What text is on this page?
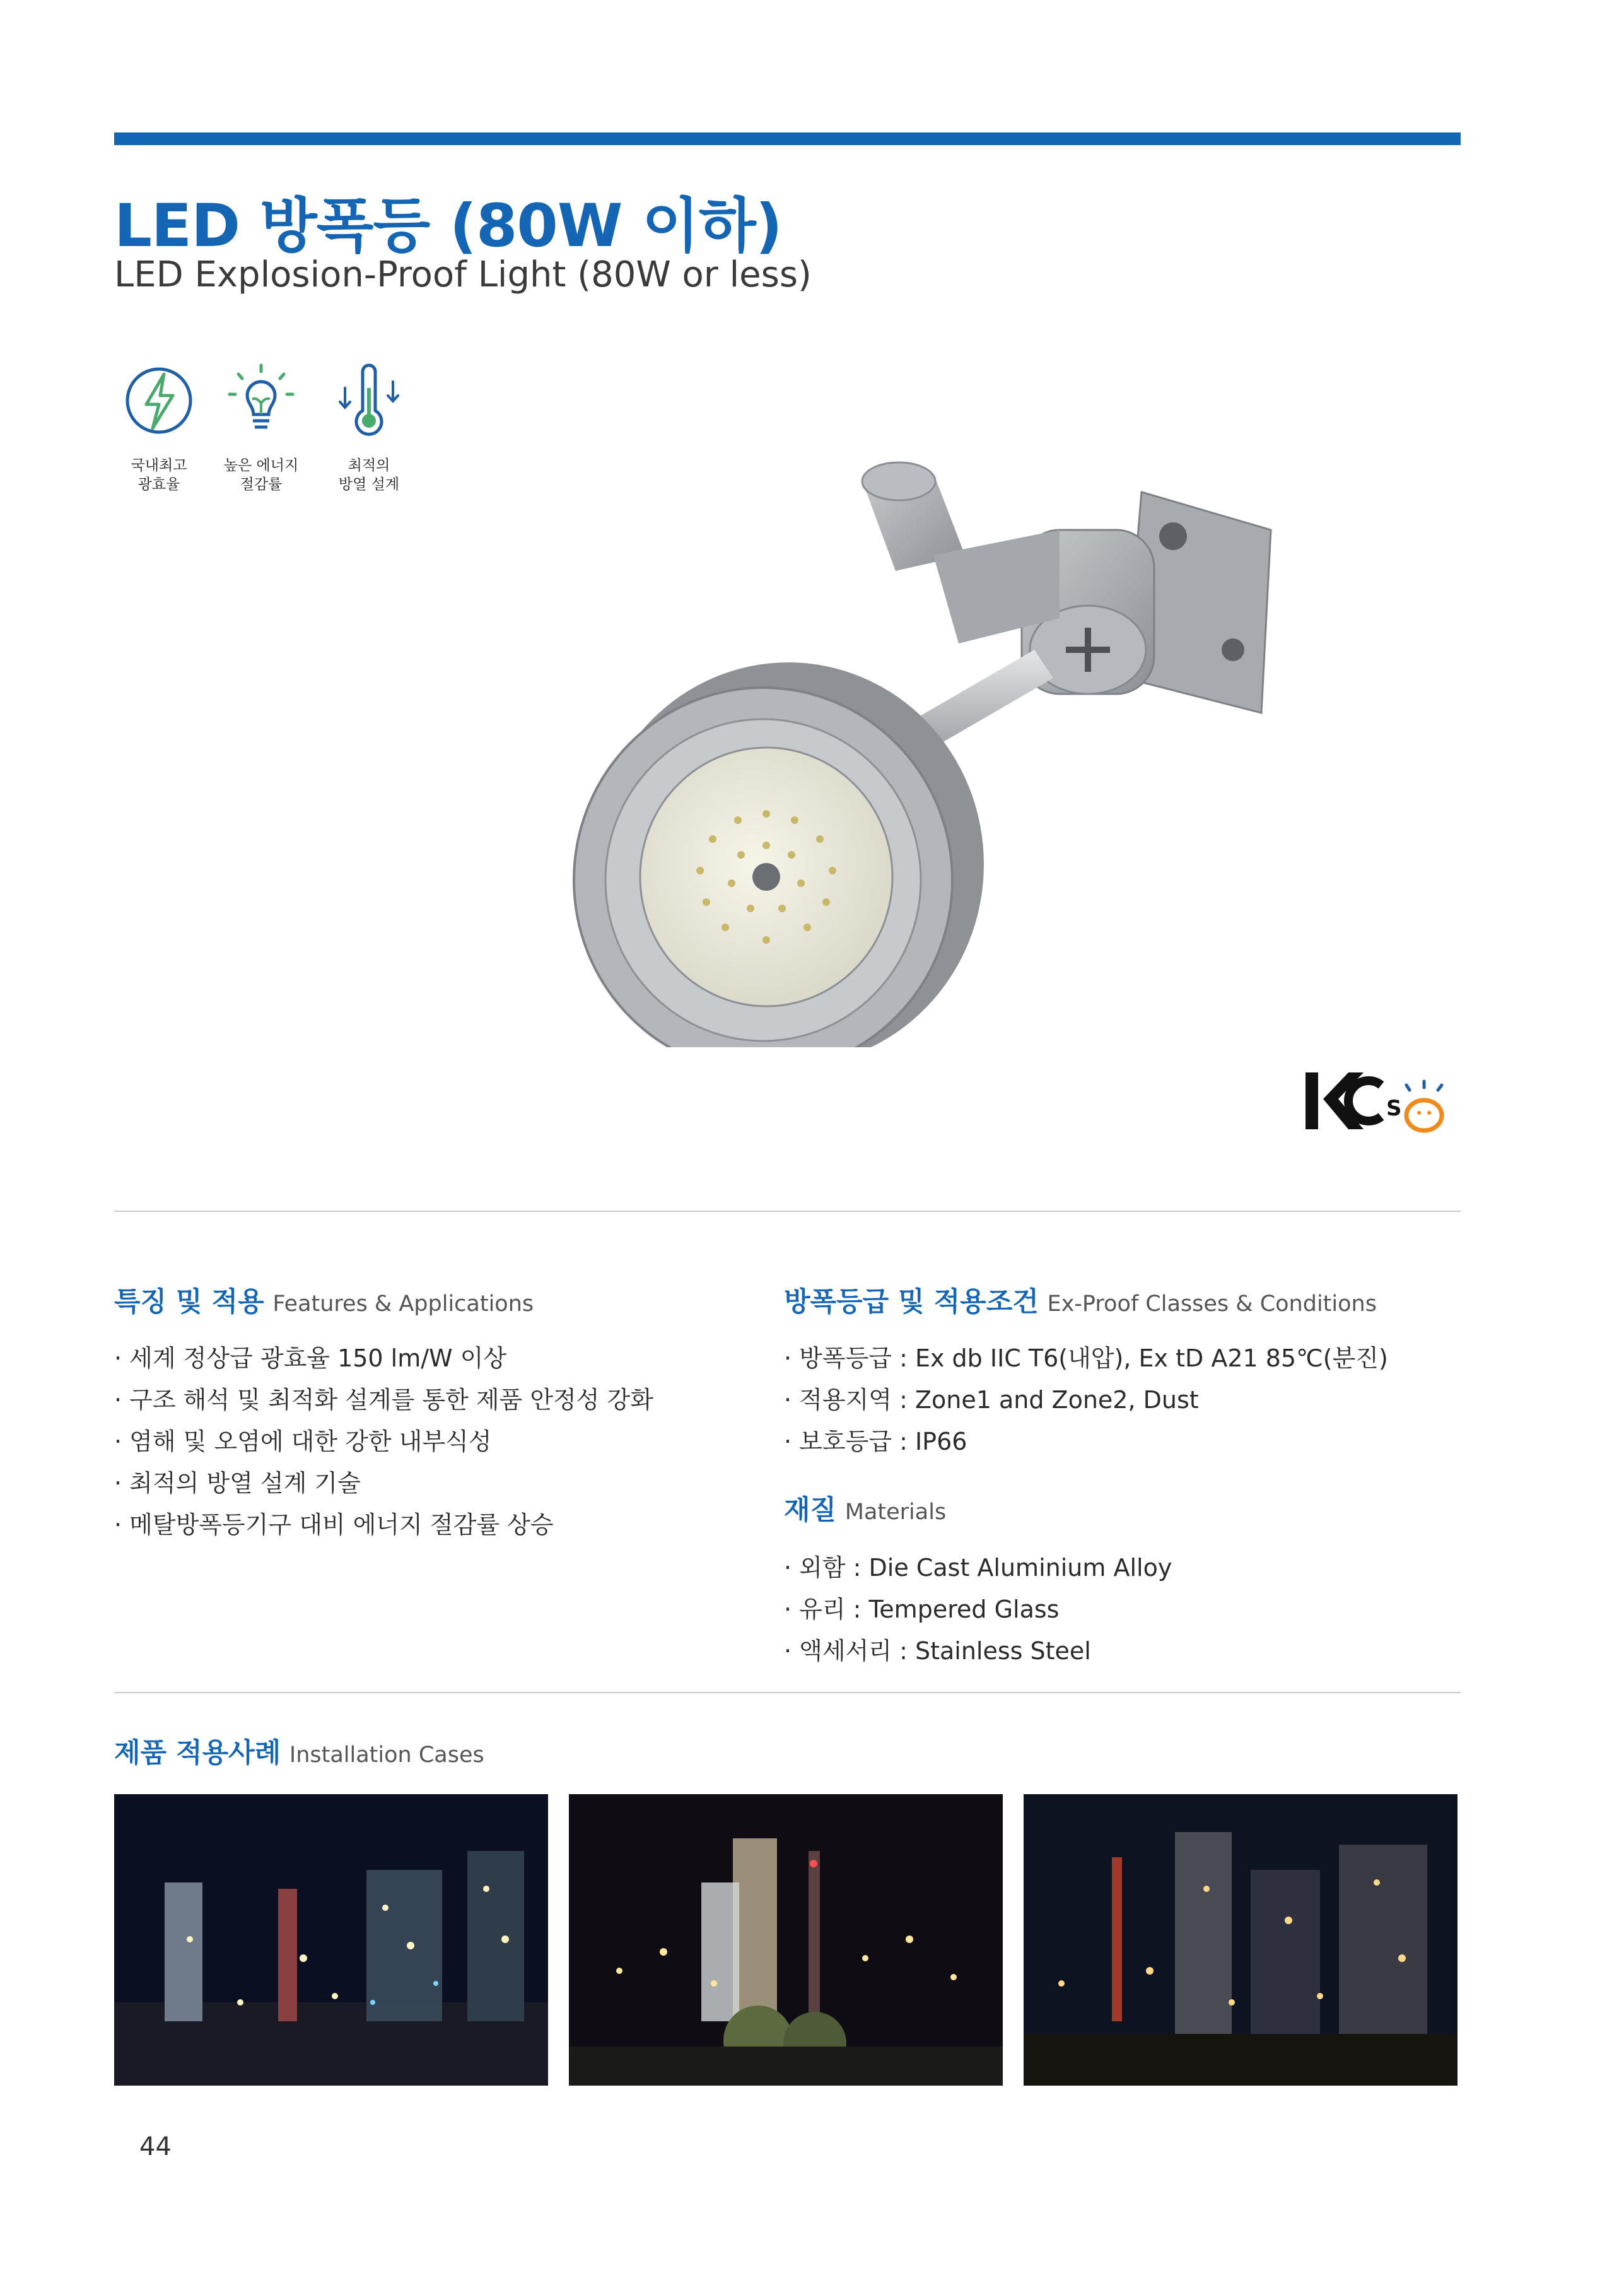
LED 방폭등 (80W 이하)
LED Explosion-Proof Light (80W or less)
국내최고
광효율
높은 에너지
절감률
최적의
방열 설계
S
특징 및 적용 Features & Applications
· 세계 정상급 광효율 150 lm/W 이상
· 구조 해석 및 최적화 설계를 통한 제품 안정성 강화
· 염해 및 오염에 대한 강한 내부식성
· 최적의 방열 설계 기술
· 메탈방폭등기구 대비 에너지 절감률 상승
방폭등급 및 적용조건 Ex-Proof Classes & Conditions
· 방폭등급 : Ex db IIC T6(내압), Ex tD A21 85℃(분진)
· 적용지역 : Zone1 and Zone2, Dust
· 보호등급 : IP66
재질 Materials
· 외함 : Die Cast Aluminium Alloy
· 유리 : Tempered Glass
· 액세서리 : Stainless Steel
제품 적용사례 Installation Cases
44
